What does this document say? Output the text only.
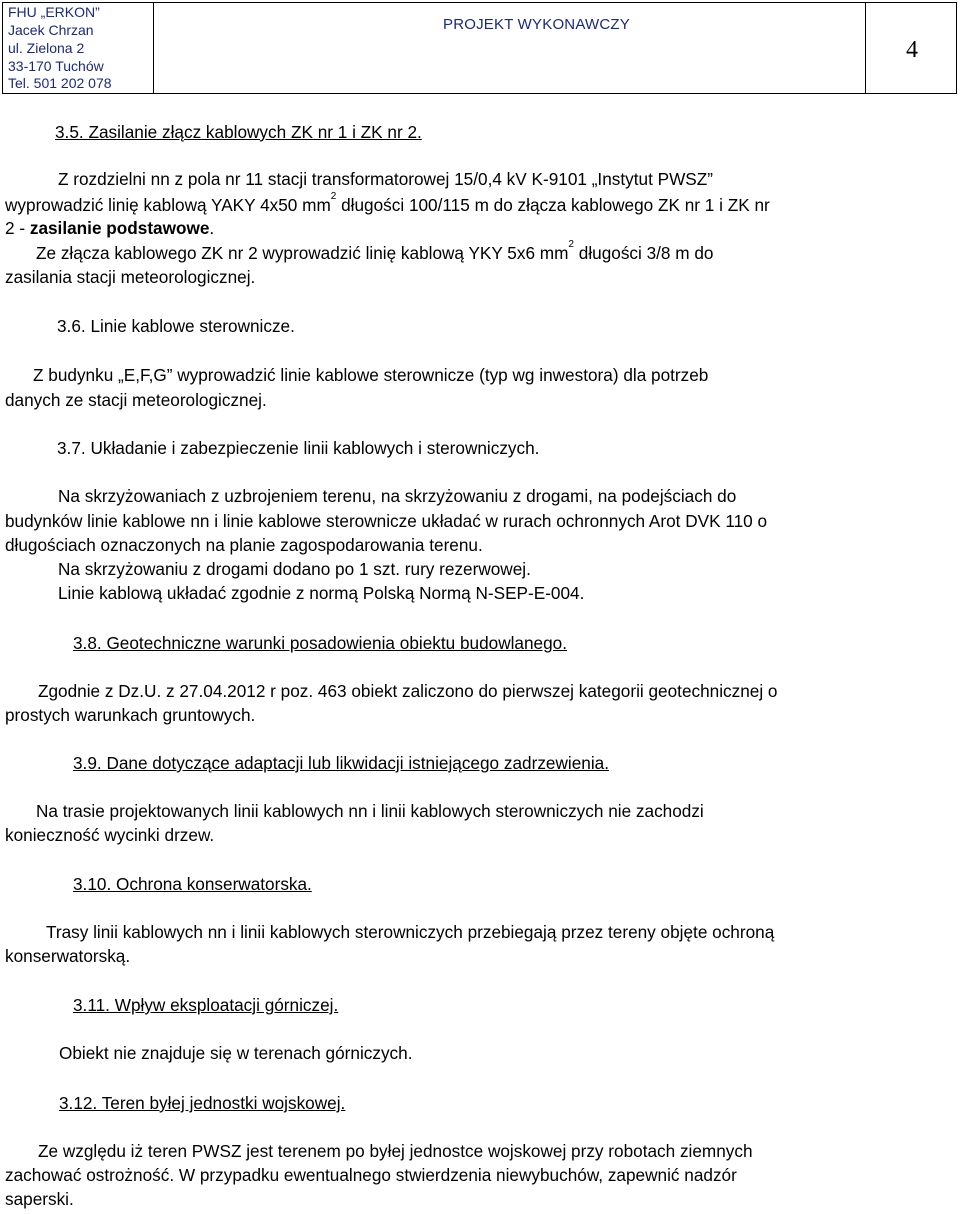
FHU „ERKON”
Jacek Chrzan
ul. Zielona 2
33-170 Tuchów
Tel. 501 202 078
PROJEKT WYKONAWCZY
4
3.5. Zasilanie złącz kablowych ZK nr 1 i ZK nr 2.
Z rozdzielni nn z pola nr 11 stacji transformatorowej 15/0,4 kV K-9101 „Instytut PWSZ”
wyprowadzić linię kablową YAKY 4x50 $mm^2$ długości 100/115 m do złącza kablowego ZK nr 1 i ZK nr
2 - zasilanie podstawowe.
Ze złącza kablowego ZK nr 2 wyprowadzić linię kablową YKY 5x6 $mm^2$ długości 3/8 m do
zasilania stacji meteorologicznej.
3.6. Linie kablowe sterownicze.
Z budynku „E,F,G” wyprowadzić linie kablowe sterownicze (typ wg inwestora) dla potrzeb
danych ze stacji meteorologicznej.
3.7. Układanie i zabezpieczenie linii kablowych i sterowniczych.
Na skrzyżowaniach z uzbrojeniem terenu, na skrzyżowaniu z drogami, na podejściach do
budynków linie kablowe nn i linie kablowe sterownicze układać w rurach ochronnych Arot DVK 110 o
długościach oznaczonych na planie zagospodarowania terenu.
Na skrzyżowaniu z drogami dodano po 1 szt. rury rezerwowej.
Linie kablową układać zgodnie z normą Polską Normą N-SEP-E-004.
3.8. Geotechniczne warunki posadowienia obiektu budowlanego.
Zgodnie z Dz.U. z 27.04.2012 r poz. 463 obiekt zaliczono do pierwszej kategorii geotechnicznej o
prostych warunkach gruntowych.
3.9. Dane dotyczące adaptacji lub likwidacji istniejącego zadrzewienia.
Na trasie projektowanych linii kablowych nn i linii kablowych sterowniczych nie zachodzi
konieczność wycinki drzew.
3.10. Ochrona konserwatorska.
Trasy linii kablowych nn i linii kablowych sterowniczych przebiegają przez tereny objęte ochroną
konserwatorską.
3.11. Wpływ eksploatacji górniczej.
Obiekt nie znajduje się w terenach górniczych.
3.12. Teren byłej jednostki wojskowej.
Ze względu iż teren PWSZ jest terenem po byłej jednostce wojskowej przy robotach ziemnych
zachować ostrożność. W przypadku ewentualnego stwierdzenia niewybuchów, zapewnić nadzór
saperski.
